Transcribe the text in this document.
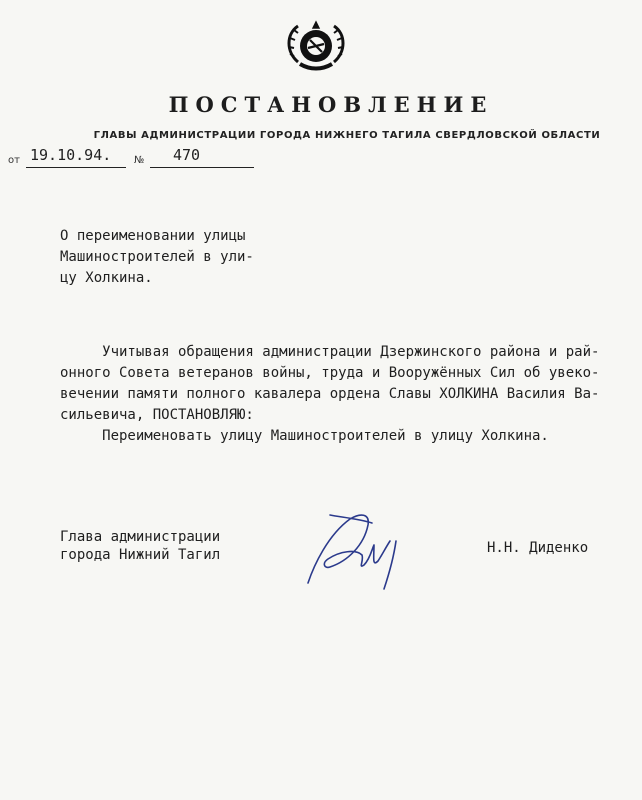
ПОСТАНОВЛЕНИЕ
ГЛАВЫ АДМИНИСТРАЦИИ ГОРОДА НИЖНЕГО ТАГИЛА СВЕРДЛОВСКОЙ ОБЛАСТИ
от 19.10.94. № 470
О переименовании улицы
Машиностроителей в ули-
цу Холкина.
Учитывая обращения администрации Дзержинского района и рай-
онного Совета ветеранов войны, труда и Вооружённых Сил об увеко-
вечении памяти полного кавалера ордена Славы ХОЛКИНА Василия Ва-
сильевича, ПОСТАНОВЛЯЮ:
Переименовать улицу Машиностроителей в улицу Холкина.
Глава администрации
города Нижний Тагил	Н.Н. Диденко
